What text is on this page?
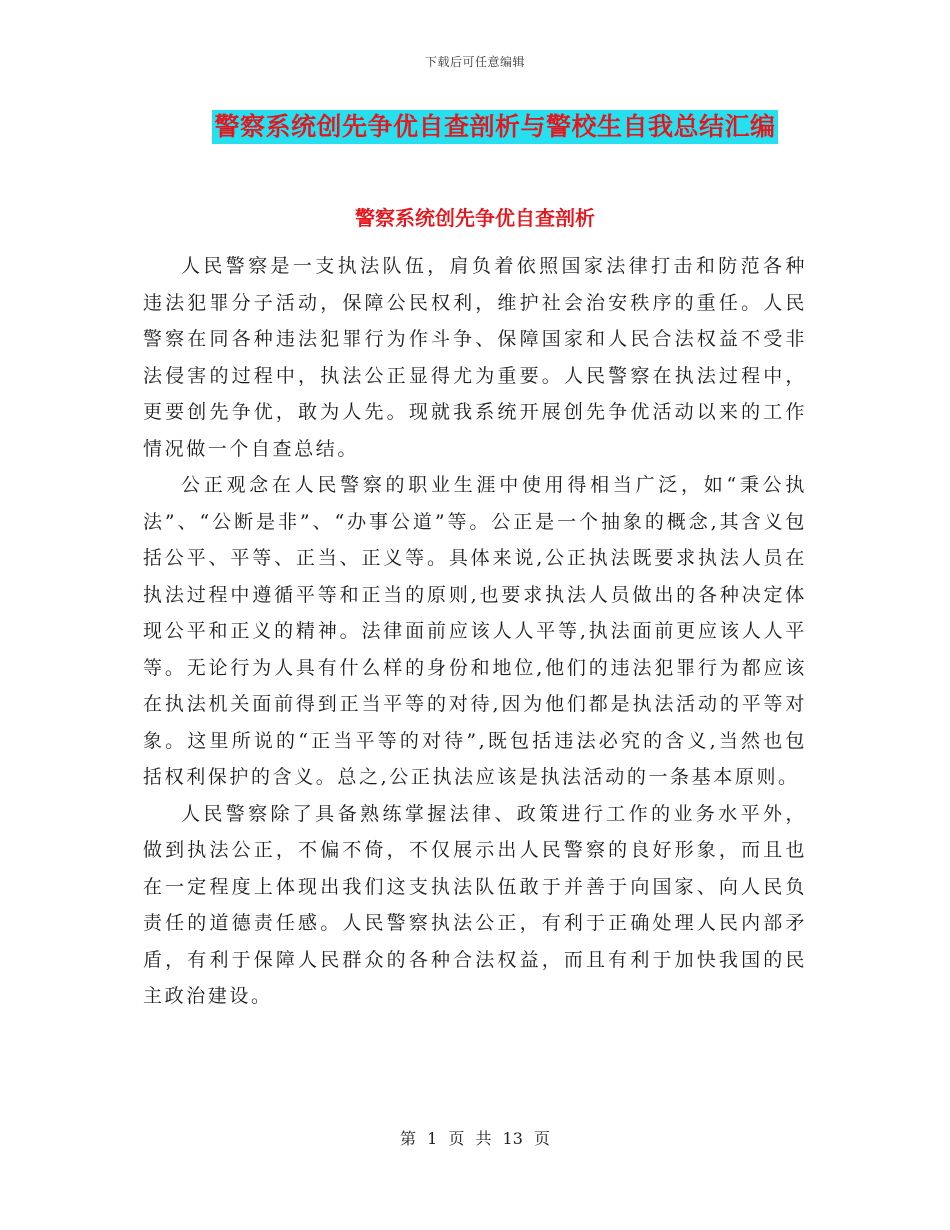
下载后可任意编辑
警察系统创先争优自查剖析与警校生自我总结汇编
警察系统创先争优自查剖析

人民警察是一支执法队伍，肩负着依照国家法律打击和防范各种违法犯罪分子活动，保障公民权利，维护社会治安秩序的重任。人民警察在同各种违法犯罪行为作斗争、保障国家和人民合法权益不受非法侵害的过程中，执法公正显得尤为重要。人民警察在执法过程中，更要创先争优，敢为人先。现就我系统开展创先争优活动以来的工作情况做一个自查总结。

公正观念在人民警察的职业生涯中使用得相当广泛，如“秉公执法”、“公断是非”、“办事公道”等。公正是一个抽象的概念,其含义包括公平、平等、正当、正义等。具体来说,公正执法既要求执法人员在执法过程中遵循平等和正当的原则,也要求执法人员做出的各种决定体现公平和正义的精神。法律面前应该人人平等,执法面前更应该人人平等。无论行为人具有什么样的身份和地位,他们的违法犯罪行为都应该在执法机关面前得到正当平等的对待,因为他们都是执法活动的平等对象。这里所说的“正当平等的对待”,既包括违法必究的含义,当然也包括权利保护的含义。总之,公正执法应该是执法活动的一条基本原则。

人民警察除了具备熟练掌握法律、政策进行工作的业务水平外，做到执法公正，不偏不倚，不仅展示出人民警察的良好形象，而且也在一定程度上体现出我们这支执法队伍敢于并善于向国家、向人民负责任的道德责任感。人民警察执法公正，有利于正确处理人民内部矛盾，有利于保障人民群众的各种合法权益，而且有利于加快我国的民主政治建设。

第 1 页 共 13 页
